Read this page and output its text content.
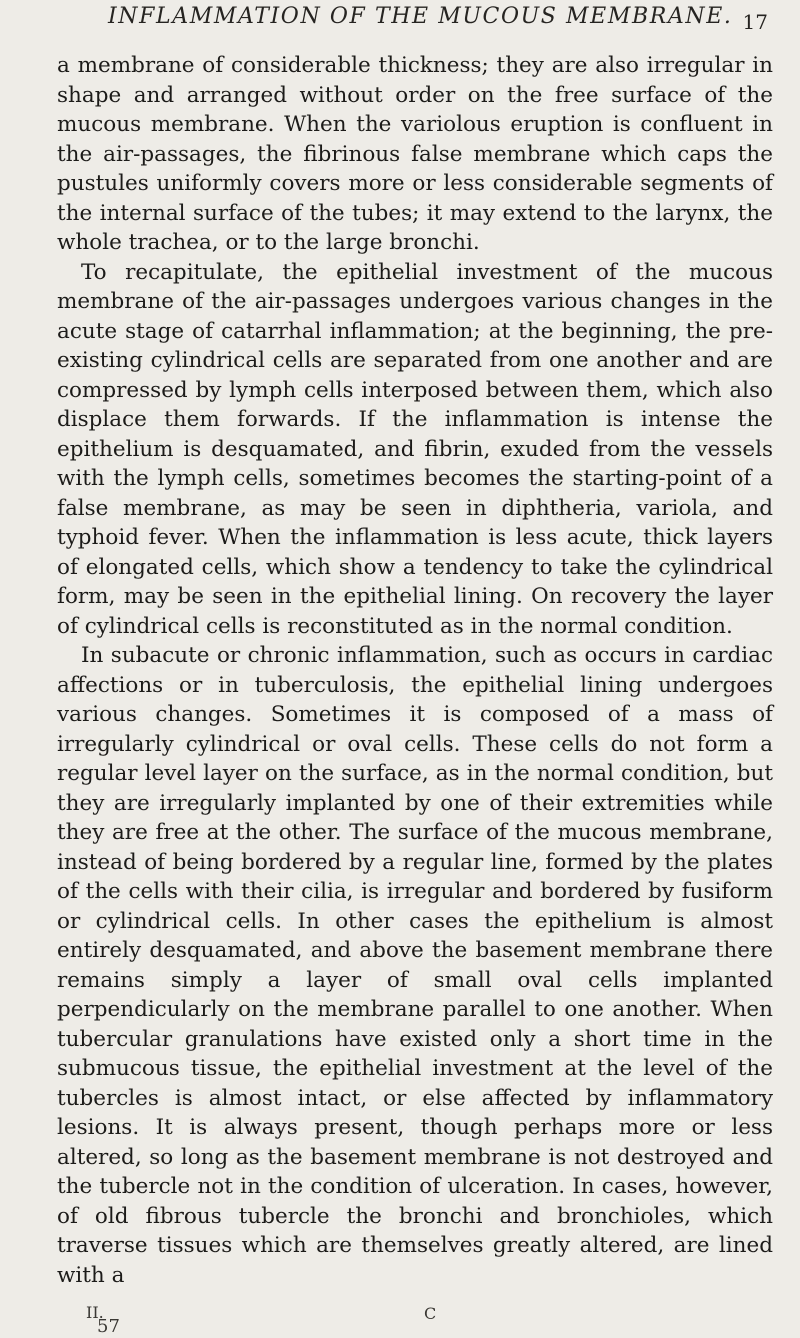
INFLAMMATION OF THE MUCOUS MEMBRANE. 17

a membrane of considerable thickness; they are also irregular in shape and arranged without order on the free surface of the mucous membrane. When the variolous eruption is confluent in the air-passages, the fibrinous false membrane which caps the pustules uniformly covers more or less considerable segments of the internal surface of the tubes; it may extend to the larynx, the whole trachea, or to the large bronchi.

To recapitulate, the epithelial investment of the mucous membrane of the air-passages undergoes various changes in the acute stage of catarrhal inflammation; at the beginning, the pre-existing cylindrical cells are separated from one another and are compressed by lymph cells interposed between them, which also displace them forwards. If the inflammation is intense the epithelium is desquamated, and fibrin, exuded from the vessels with the lymph cells, sometimes becomes the starting-point of a false membrane, as may be seen in diphtheria, variola, and typhoid fever. When the inflammation is less acute, thick layers of elongated cells, which show a tendency to take the cylindrical form, may be seen in the epithelial lining. On recovery the layer of cylindrical cells is reconstituted as in the normal condition.

In subacute or chronic inflammation, such as occurs in cardiac affections or in tuberculosis, the epithelial lining undergoes various changes. Sometimes it is composed of a mass of irregularly cylindrical or oval cells. These cells do not form a regular level layer on the surface, as in the normal condition, but they are irregularly implanted by one of their extremities while they are free at the other. The surface of the mucous membrane, instead of being bordered by a regular line, formed by the plates of the cells with their cilia, is irregular and bordered by fusiform or cylindrical cells. In other cases the epithelium is almost entirely desquamated, and above the basement membrane there remains simply a layer of small oval cells implanted perpendicularly on the membrane parallel to one another. When tubercular granulations have existed only a short time in the submucous tissue, the epithelial investment at the level of the tubercles is almost intact, or else affected by inflammatory lesions. It is always present, though perhaps more or less altered, so long as the basement membrane is not destroyed and the tubercle not in the condition of ulceration. In cases, however, of old fibrous tubercle the bronchi and bronchioles, which traverse tissues which are themselves greatly altered, are lined with a

II.
57
C
